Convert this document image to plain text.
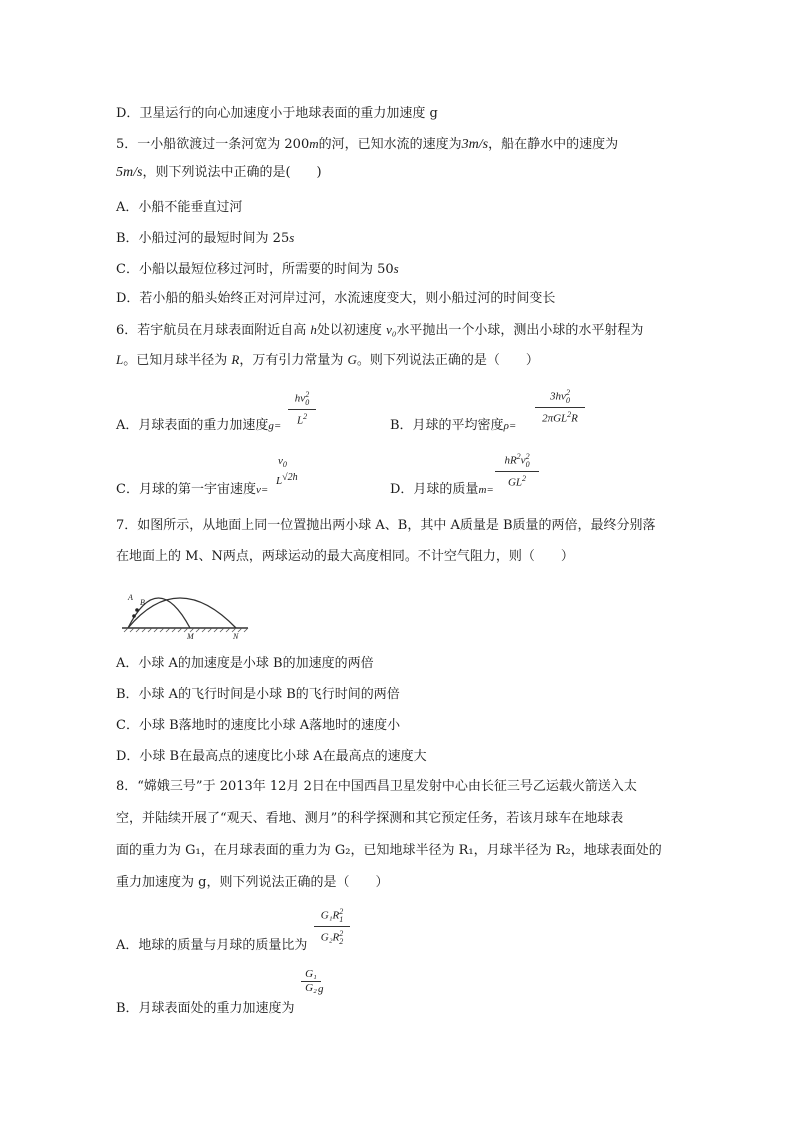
D．卫星运行的向心加速度小于地球表面的重力加速度 g
5．一小船欲渡过一条河宽为 200m的河，已知水流的速度为3m/s，船在静水中的速度为
5m/s，则下列说法中正确的是(　　)
A．小船不能垂直过河
B．小船过河的最短时间为 25s
C．小船以最短位移过河时，所需要的时间为 50s
D．若小船的船头始终正对河岸过河，水流速度变大，则小船过河的时间变长
6．若宇航员在月球表面附近自高 h处以初速度 v₀水平抛出一个小球，测出小球的水平射程为
L。已知月球半径为 R，万有引力常量为 G。则下列说法正确的是（　　）
A．月球表面的重力加速度g=
$hv^2_0$
$L^2$
B．月球的平均密度ρ=
$3hv^2_0$
2πGL$^2$R
C．月球的第一宇宙速度v=
$v_0$
L√2h
D．月球的质量m=
$hR^2v^2_0$
$GL^2$
7．如图所示，从地面上同一位置抛出两小球 A、B，其中 A质量是 B质量的两倍，最终分别落
在地面上的 M、N两点，两球运动的最大高度相同。不计空气阻力，则（　　）
A
B
M	N
A．小球 A的加速度是小球 B的加速度的两倍
B．小球 A的飞行时间是小球 B的飞行时间的两倍
C．小球 B落地时的速度比小球 A落地时的速度小
D．小球 B在最高点的速度比小球 A在最高点的速度大
8．“嫦娥三号”于 2013年 12月 2日在中国西昌卫星发射中心由长征三号乙运载火箭送入太
空，并陆续开展了“观天、看地、测月”的科学探测和其它预定任务，若该月球车在地球表
面的重力为 G₁，在月球表面的重力为 G₂，已知地球半径为 R₁，月球半径为 R₂，地球表面处的
重力加速度为 g，则下列说法正确的是（　　）
A．地球的质量与月球的质量比为
$G_1R^2_1$
$G_2R^2_2$
B．月球表面处的重力加速度为
G₁
G₂ g
